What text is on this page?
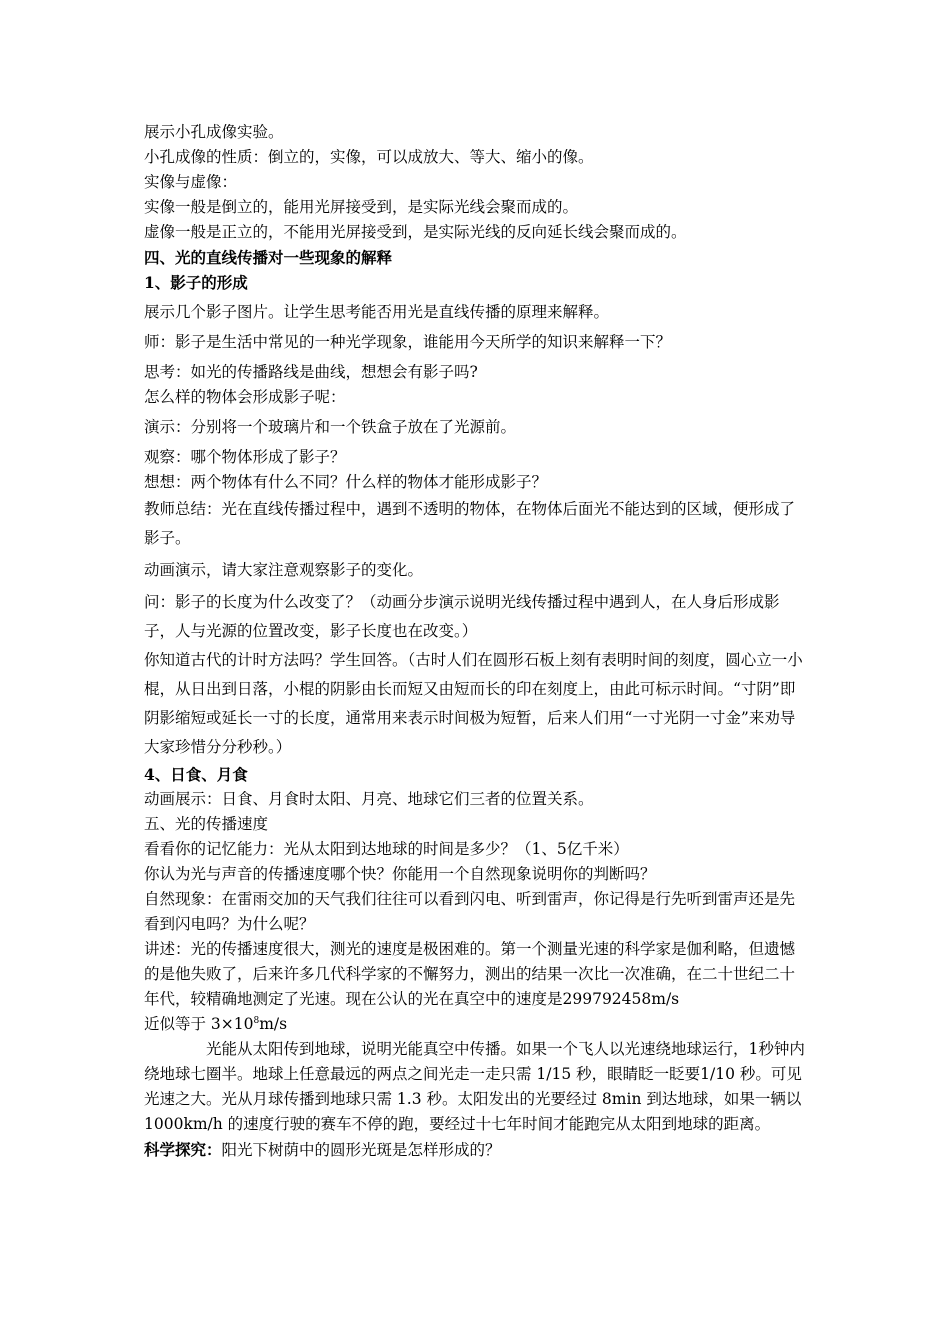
展示小孔成像实验。

小孔成像的性质：倒立的，实像，可以成放大、等大、缩小的像。

实像与虚像：

实像一般是倒立的，能用光屏接受到，是实际光线会聚而成的。

虚像一般是正立的，不能用光屏接受到，是实际光线的反向延长线会聚而成的。

四、光的直线传播对一些现象的解释

1、影子的形成

展示几个影子图片。让学生思考能否用光是直线传播的原理来解释。

师：影子是生活中常见的一种光学现象，谁能用今天所学的知识来解释一下？

思考：如光的传播路线是曲线，想想会有影子吗?

怎么样的物体会形成影子呢：

演示：分别将一个玻璃片和一个铁盒子放在了光源前。

观察：哪个物体形成了影子？

想想：两个物体有什么不同？什么样的物体才能形成影子？

教师总结：光在直线传播过程中，遇到不透明的物体，在物体后面光不能达到的区域，便形成了影子。

动画演示，请大家注意观察影子的变化。

问：影子的长度为什么改变了？（动画分步演示说明光线传播过程中遇到人，在人身后形成影子，人与光源的位置改变，影子长度也在改变。）

你知道古代的计时方法吗？学生回答。（古时人们在圆形石板上刻有表明时间的刻度，圆心立一小棍，从日出到日落，小棍的阴影由长而短又由短而长的印在刻度上，由此可标示时间。“寸阴”即阴影缩短或延长一寸的长度，通常用来表示时间极为短暂，后来人们用“一寸光阴一寸金”来劝导大家珍惜分分秒秒。）

4、日食、月食

动画展示：日食、月食时太阳、月亮、地球它们三者的位置关系。

五、光的传播速度

看看你的记忆能力：光从太阳到达地球的时间是多少？（1、5亿千米）

你认为光与声音的传播速度哪个快？你能用一个自然现象说明你的判断吗？

自然现象：在雷雨交加的天气我们往往可以看到闪电、听到雷声，你记得是行先听到雷声还是先看到闪电吗？为什么呢？

讲述：光的传播速度很大，测光的速度是极困难的。第一个测量光速的科学家是伽利略，但遗憾的是他失败了，后来许多几代科学家的不懈努力，测出的结果一次比一次准确，在二十世纪二十年代，较精确地测定了光速。现在公认的光在真空中的速度是299792458m/s

近似等于 $3\times 10^8m/s$

光能从太阳传到地球，说明光能真空中传播。如果一个飞人以光速绕地球运行，1秒钟内绕地球七圈半。地球上任意最远的两点之间光走一走只需 1/15 秒，眼睛眨一眨要1/10 秒。可见光速之大。光从月球传播到地球只需 1.3 秒。太阳发出的光要经过 8min 到达地球，如果一辆以 1000km/h 的速度行驶的赛车不停的跑，要经过十七年时间才能跑完从太阳到地球的距离。

科学探究：阳光下树荫中的圆形光斑是怎样形成的？
